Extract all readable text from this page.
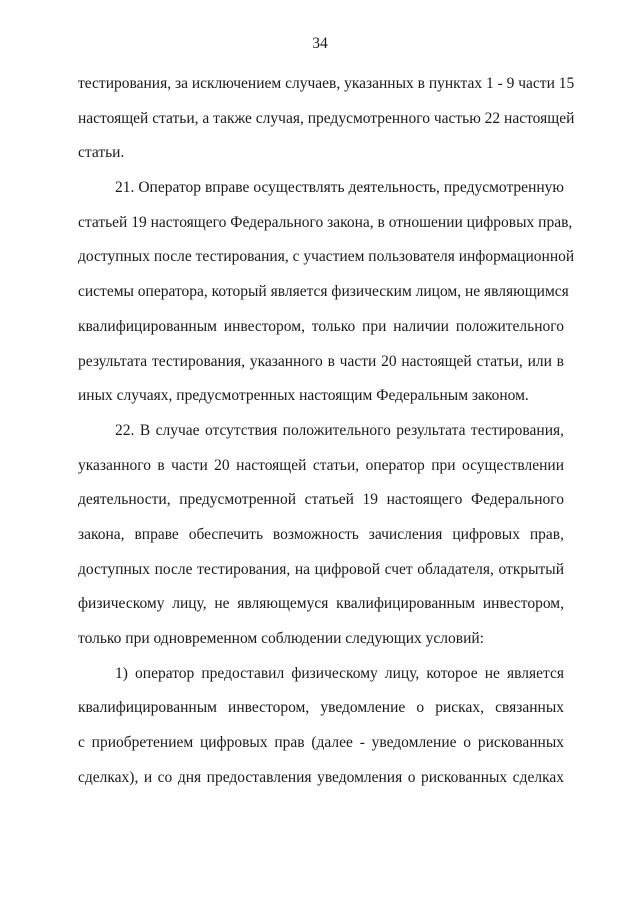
34
тестирования, за исключением случаев, указанных в пунктах 1 - 9 части 15
настоящей статьи, а также случая, предусмотренного частью 22 настоящей
статьи.
21. Оператор вправе осуществлять деятельность, предусмотренную
статьей 19 настоящего Федерального закона, в отношении цифровых прав,
доступных после тестирования, с участием пользователя информационной
системы оператора, который является физическим лицом, не являющимся
квалифицированным инвестором, только при наличии положительного
результата тестирования, указанного в части 20 настоящей статьи, или в
иных случаях, предусмотренных настоящим Федеральным законом.
22. В случае отсутствия положительного результата тестирования,
указанного в части 20 настоящей статьи, оператор при осуществлении
деятельности, предусмотренной статьей 19 настоящего Федерального
закона, вправе обеспечить возможность зачисления цифровых прав,
доступных после тестирования, на цифровой счет обладателя, открытый
физическому лицу, не являющемуся квалифицированным инвестором,
только при одновременном соблюдении следующих условий:
1) оператор предоставил физическому лицу, которое не является
квалифицированным инвестором, уведомление о рисках, связанных
с приобретением цифровых прав (далее - уведомление о рискованных
сделках), и со дня предоставления уведомления о рискованных сделках
